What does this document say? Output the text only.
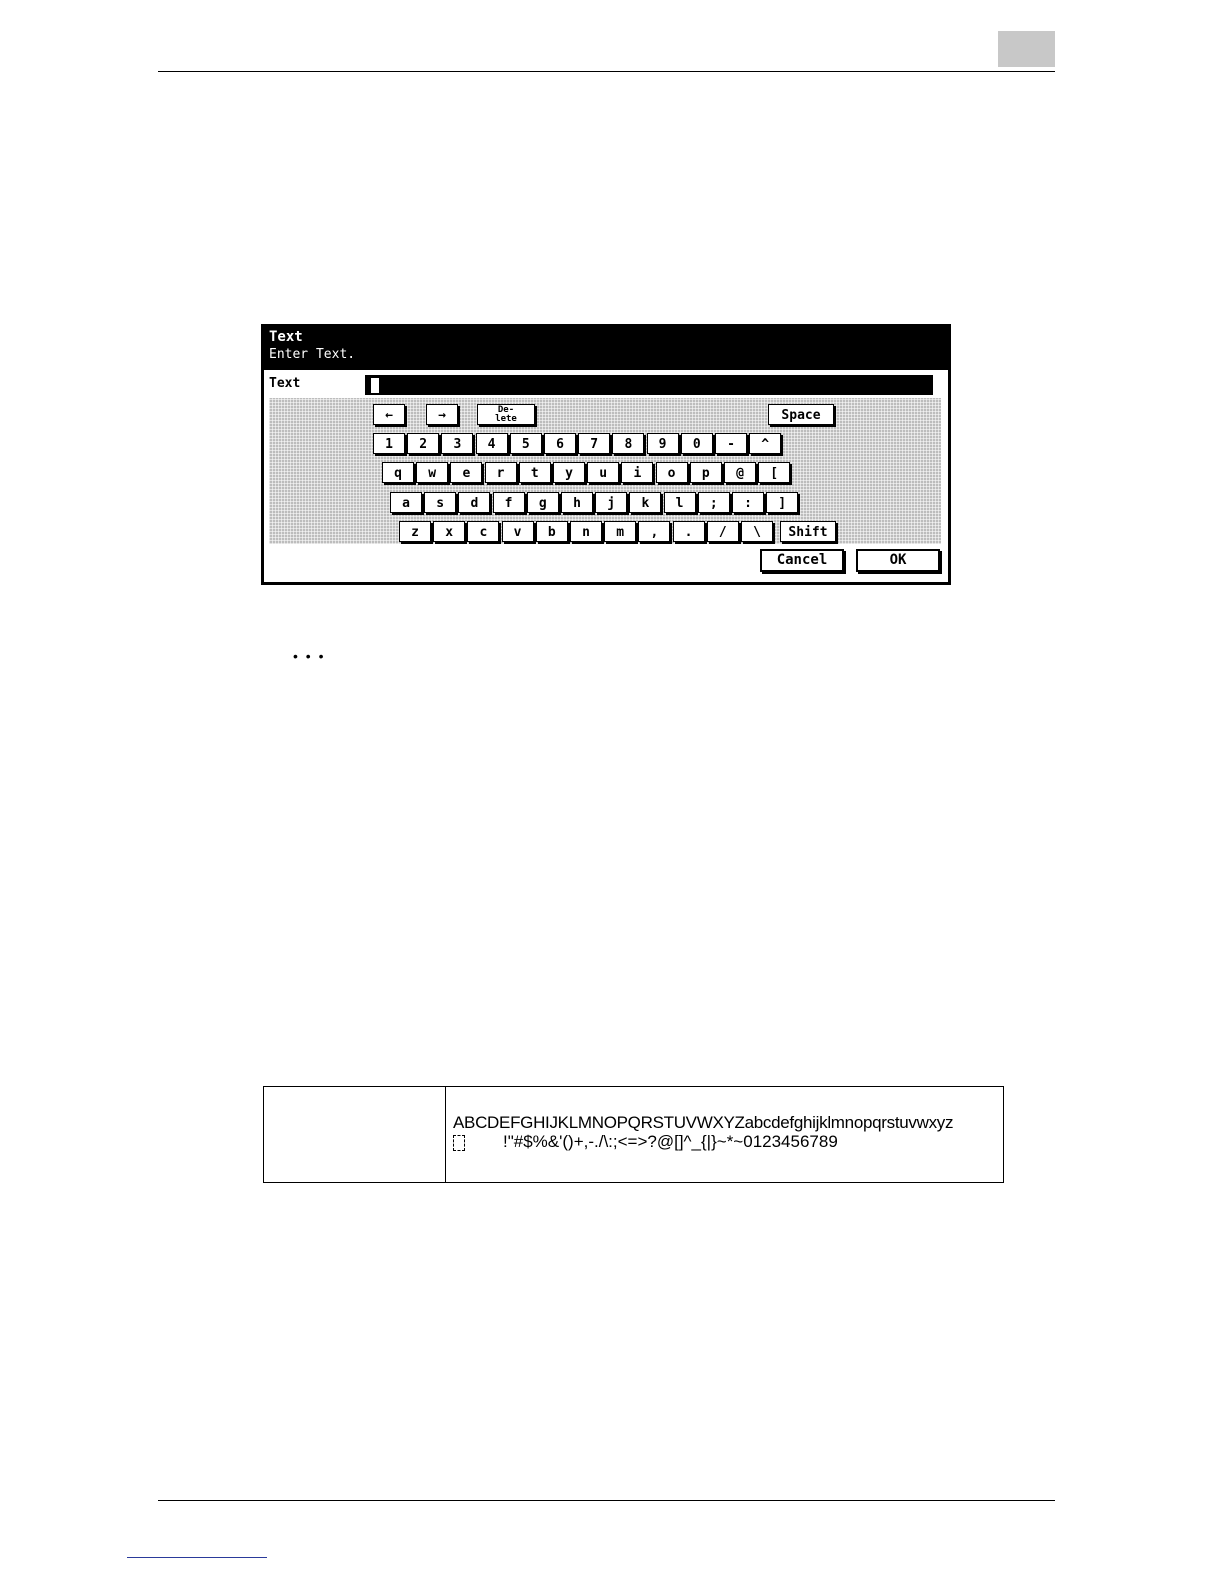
Text
Enter Text.
Text
←	→	De-
lete	Space
1	2	3	4	5	6	7	8	9	0	-	^
q	w	e	r	t	y	u	i	o	p	@	[
a	s	d	f	g	h	j	k	l	;	:	]
z	x	c	v	b	n	m	,	.	/	\	Shift
Cancel	OK
• • •
ABCDEFGHIJKLMNOPQRSTUVWXYZabcdefghijklmnopqrstuvwxyz
!"#$%&'()+,-./\:;<=>?@[]^_{|}~*~0123456789
